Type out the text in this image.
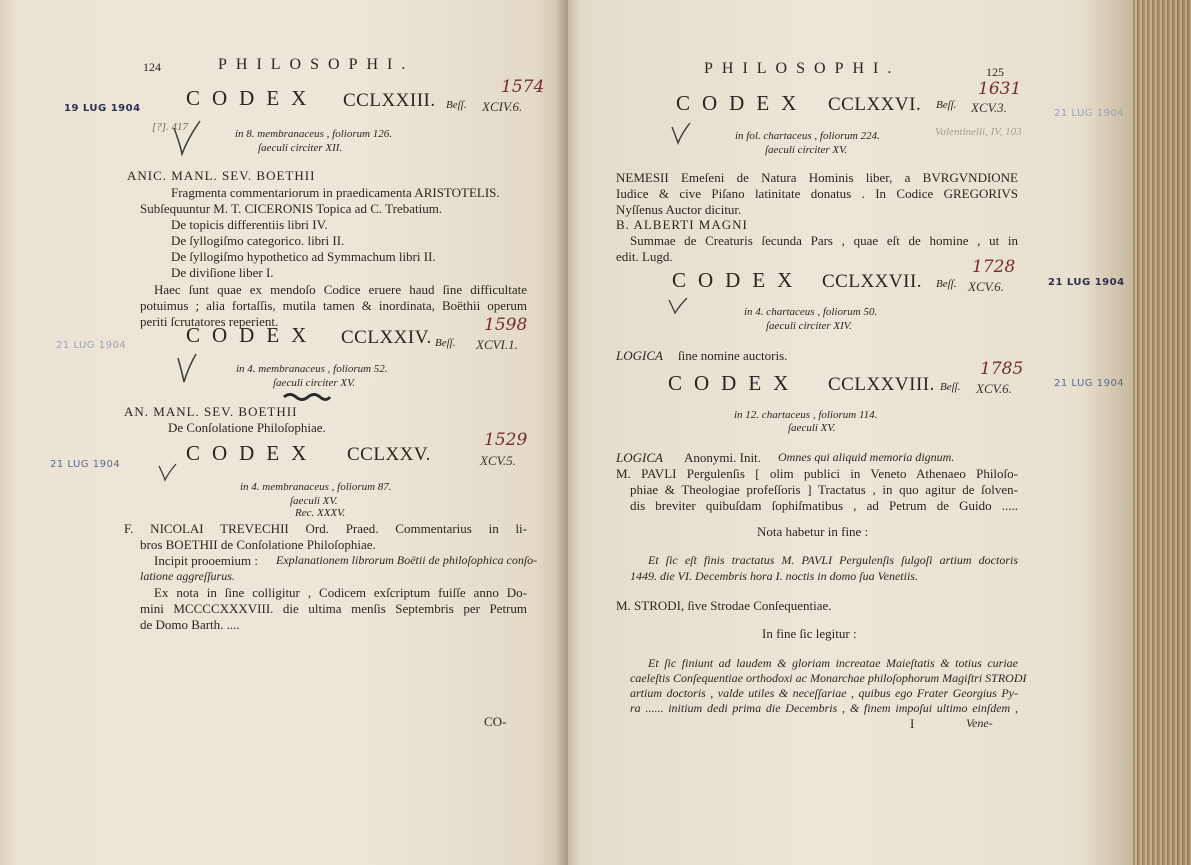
124	PHILOSOPHI.
19 LUG 1904
21 LUG 1904
21 LUG 1904
CODEX CCLXXIII. Beſſ.
1574
XCIV.6.
[?]. 417
in 8. membranaceus , foliorum 126.
ſaeculi circiter XII.
ANIC. MANL. SEV. BOETHII
Fragmenta commentariorum in praedicamenta ARISTOTELIS.
Subſequuntur M. T. CICERONIS Topica ad C. Trebatium.
De topicis differentiis libri IV.
De ſyllogiſmo categorico. libri II.
De ſyllogiſmo hypothetico ad Symmachum libri II.
De diviſione liber I.
Haec ſunt quae ex mendoſo Codice eruere haud ſine difficultate
potuimus ; alia fortaſſis, mutila tamen & inordinata, Boëthii operum
periti ſcrutatores reperient.
CODEX CCLXXIV. Beſſ.
1598
XCVI.1.
in 4. membranaceus , foliorum 52.
ſaeculi circiter XV.
AN. MANL. SEV. BOETHII
De Conſolatione Philoſophiae.
CODEX CCLXXV.
1529
XCV.5.
in 4. membranaceus , foliorum 87.
ſaeculi XV.
Rec. XXXV.
F. NICOLAI TREVECHII Ord. Praed. Commentarius in li-
bros BOETHII de Conſolatione Philoſophiae.
Incipit prooemium : Explanationem librorum Boëtii de philoſophica conſo-
latione aggreſſurus.
Ex nota in ſine colligitur , Codicem exſcriptum fuiſſe anno Do-
mini MCCCCXXXVIII. die ultima menſis Septembris per Petrum
de Domo Barth. ....
CO-
PHILOSOPHI.	125
21 LUG 1904
21 LUG 1904
21 LUG 1904
CODEX CCLXXVI. Beſſ.
1631
XCV.3.
in fol. chartaceus , foliorum 224.	Valentinelli, IV, 103
ſaeculi circiter XV.
NEMESII Emeſeni de Natura Hominis liber, a BVRGVNDIONE
Iudice & cive Piſano latinitate donatus . In Codice GREGORIVS
Nyſſenus Auctor dicitur.
B. ALBERTI MAGNI
Summae de Creaturis ſecunda Pars , quae eſt de homine , ut in
edit. Lugd.
CODEX CCLXXVII. Beſſ.
1728
XCV.6.
in 4. chartaceus , foliorum 50.
ſaeculi circiter XIV.
LOGICA ſine nomine auctoris.
CODEX CCLXXVIII. Beſſ.
1785
XCV.6.
in 12. chartaceus , foliorum 114.
ſaeculi XV.
LOGICA Anonymi. Init. Omnes qui aliquid memoria dignum.
M. PAVLI Pergulenſis [ olim publici in Veneto Athenaeo Philoſo-
phiae & Theologiae profeſſoris ] Tractatus , in quo agitur de ſolven-
dis breviter quibuſdam ſophiſmatibus , ad Petrum de Guido .....
Nota habetur in fine :
Et ſic eſt finis tractatus M. PAVLI Pergulenſis ſulgoſi artium doctoris
1449. die VI. Decembris hora I. noctis in domo ſua Venetiis.
M. STRODI, ſive Strodae Conſequentiae.
In fine ſic legitur :
Et ſic finiunt ad laudem & gloriam increatae Maieſtatis & totius curiae
caeleſtis Conſequentiae orthodoxi ac Monarchae philoſophorum Magiſtri STRODI
artium doctoris , valde utiles & neceſſariae , quibus ego Frater Georgius Py-
ra ...... initium dedi prima die Decembris , & finem impoſui ultimo einſdem ,
I	Vene-
